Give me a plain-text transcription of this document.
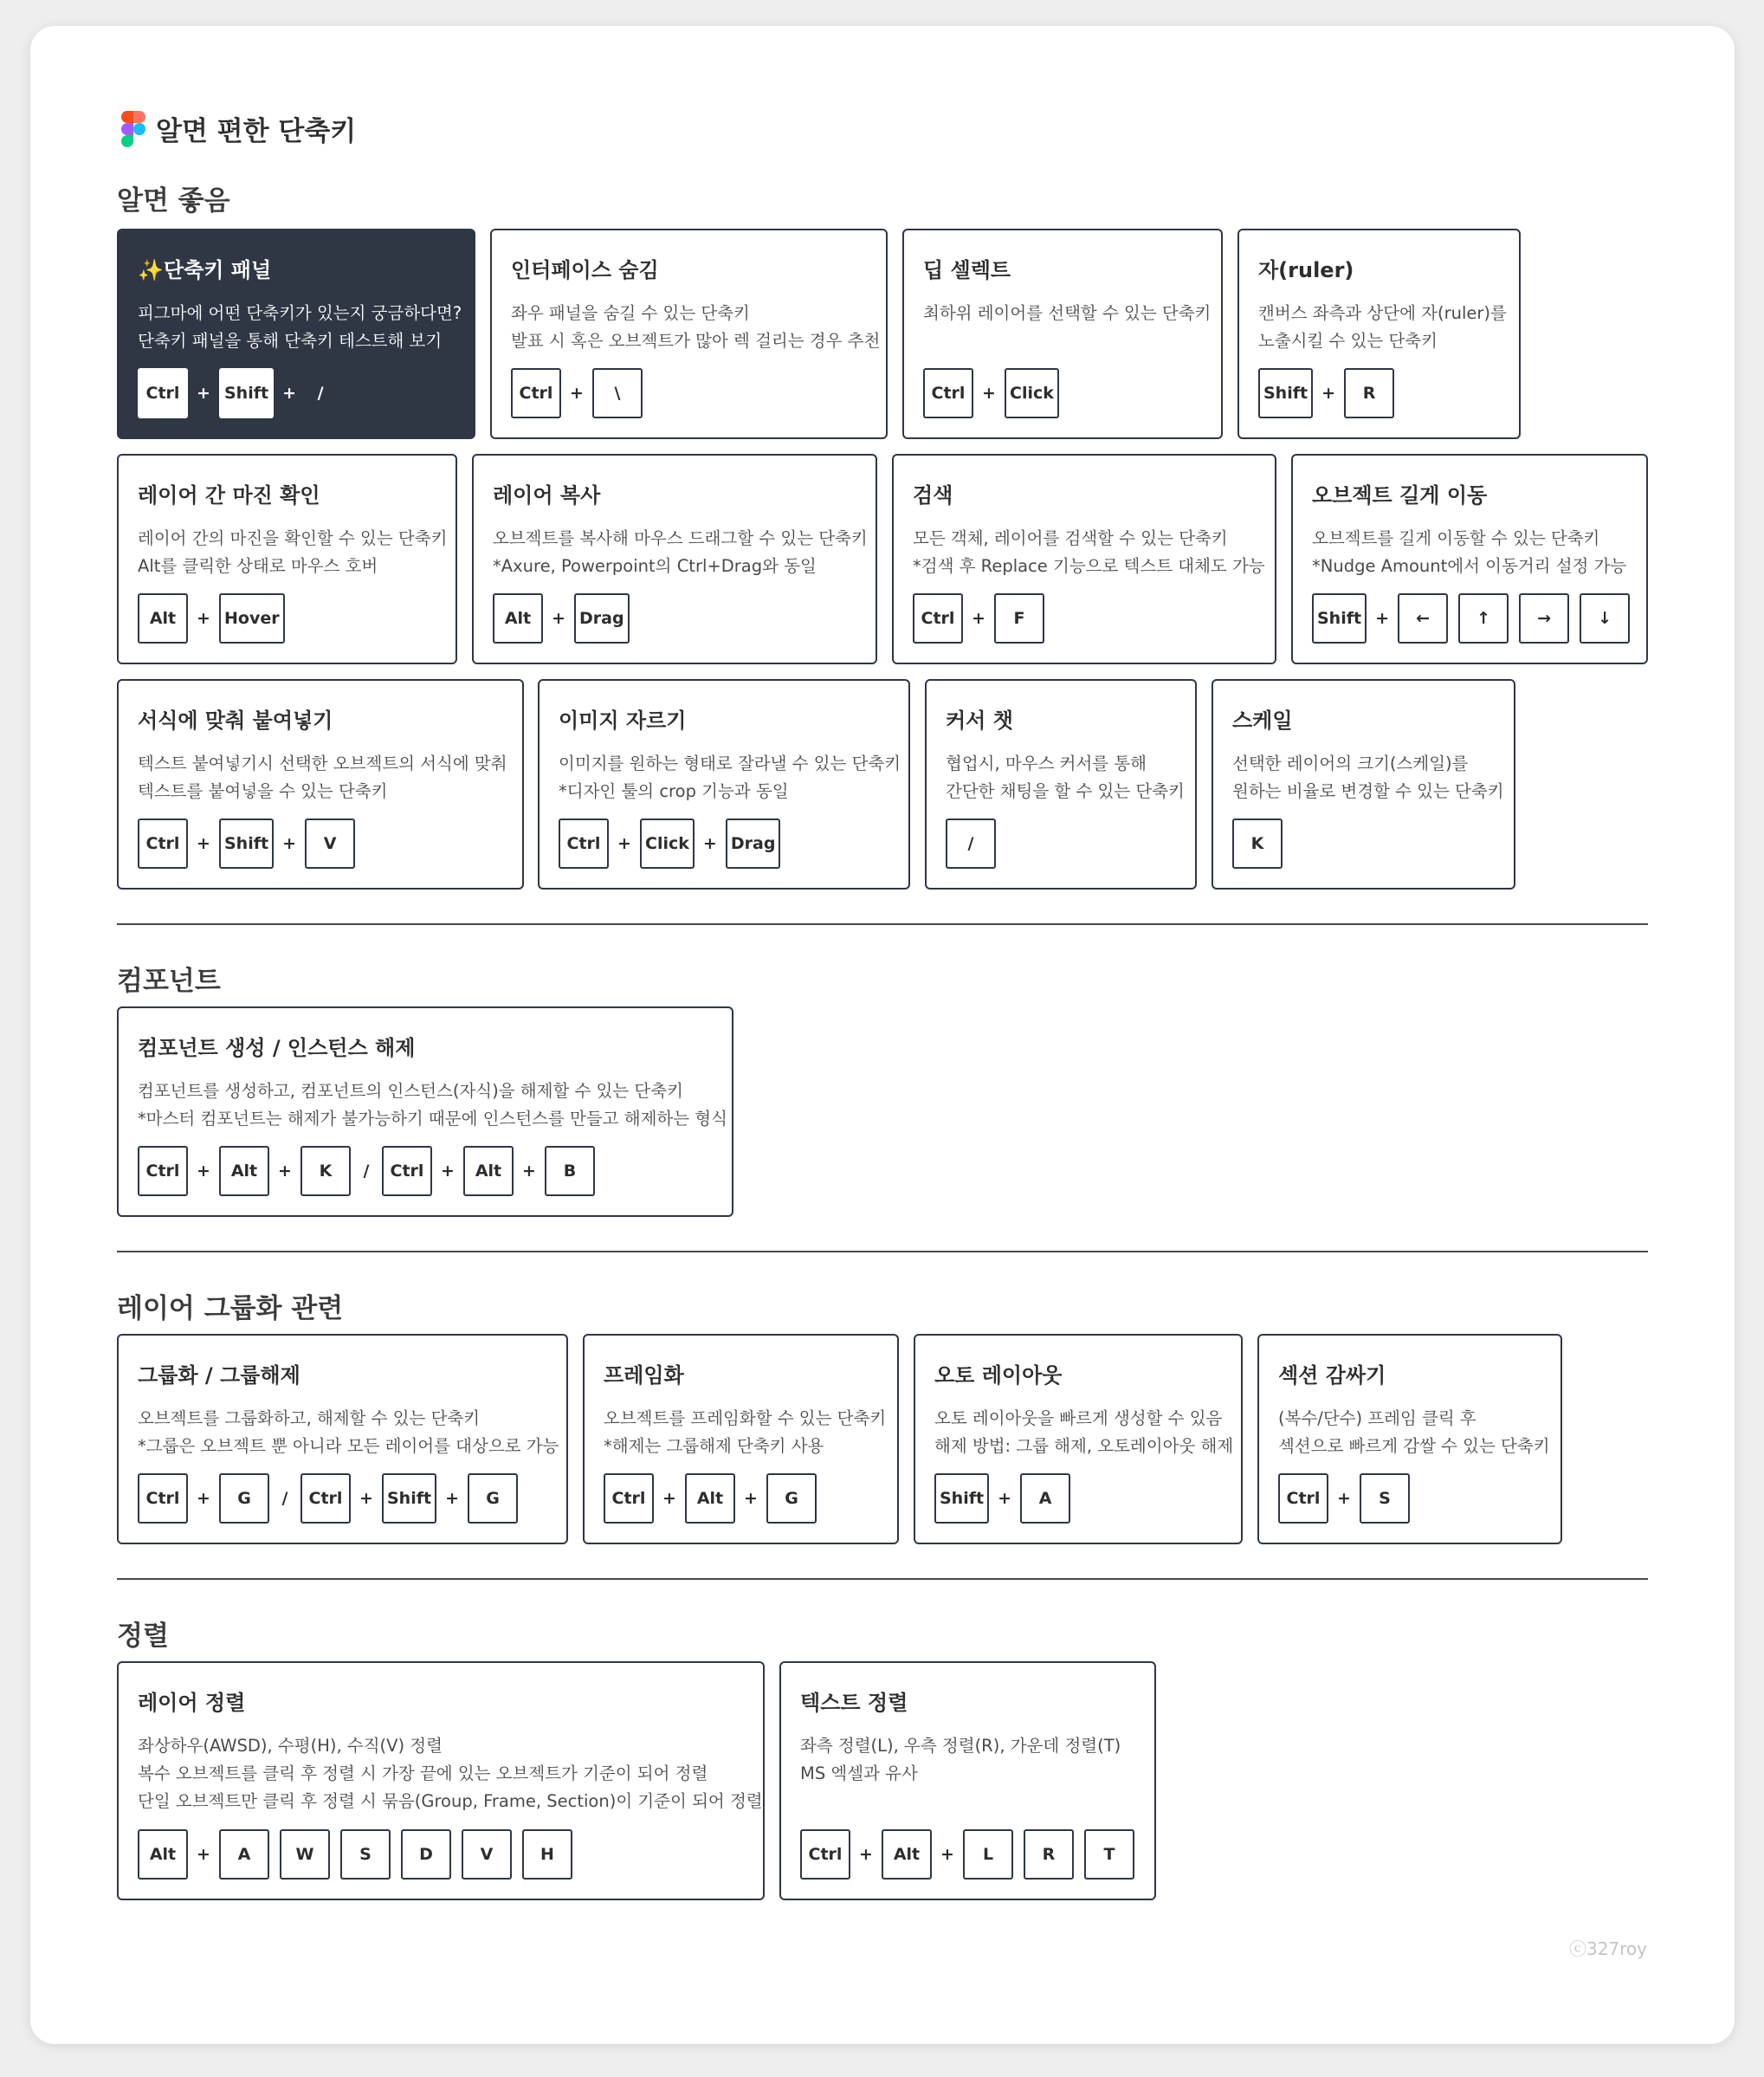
알면 편한 단축키
알면 좋음
컴포넌트
레이어 그룹화 관련
정렬
✨단축키 패널
피그마에 어떤 단축키가 있는지 궁금하다면?
단축키 패널을 통해 단축키 테스트해 보기
Ctrl	+ Shift +	/
인터페이스 숨김
좌우 패널을 숨길 수 있는 단축키
발표 시 혹은 오브젝트가 많아 렉 걸리는 경우 추천
Ctrl	+	\
딥 셀렉트
최하위 레이어를 선택할 수 있는 단축키
Ctrl	+ Click
자(ruler)
캔버스 좌측과 상단에 자(ruler)를
노출시킬 수 있는 단축키
Shift +	R
레이어 간 마진 확인
레이어 간의 마진을 확인할 수 있는 단축키
Alt를 클릭한 상태로 마우스 호버
Alt	+ Hover
레이어 복사
오브젝트를 복사해 마우스 드래그할 수 있는 단축키
*Axure, Powerpoint의 Ctrl+Drag와 동일
Alt	+ Drag
검색
모든 객체, 레이어를 검색할 수 있는 단축키
*검색 후 Replace 기능으로 텍스트 대체도 가능
Ctrl	+	F
오브젝트 길게 이동
오브젝트를 길게 이동할 수 있는 단축키
*Nudge Amount에서 이동거리 설정 가능
Shift +	←	↑	→	↓
서식에 맞춰 붙여넣기
텍스트 붙여넣기시 선택한 오브젝트의 서식에 맞춰
텍스트를 붙여넣을 수 있는 단축키
Ctrl	+ Shift +	V
이미지 자르기
이미지를 원하는 형태로 잘라낼 수 있는 단축키
*디자인 툴의 crop 기능과 동일
Ctrl	+ Click + Drag
커서 챗
협업시, 마우스 커서를 통해
간단한 채팅을 할 수 있는 단축키
/
스케일
선택한 레이어의 크기(스케일)를
원하는 비율로 변경할 수 있는 단축키
K
컴포넌트 생성 / 인스턴스 해제
컴포넌트를 생성하고, 컴포넌트의 인스턴스(자식)을 해제할 수 있는 단축키
*마스터 컴포넌트는 해제가 불가능하기 때문에 인스턴스를 만들고 해제하는 형식
Ctrl	+	Alt	+	K	/	Ctrl	+	Alt	+	B
그룹화 / 그룹해제
오브젝트를 그룹화하고, 해제할 수 있는 단축키
*그룹은 오브젝트 뿐 아니라 모든 레이어를 대상으로 가능
Ctrl	+	G	/	Ctrl	+ Shift +	G
프레임화
오브젝트를 프레임화할 수 있는 단축키
*해제는 그룹해제 단축키 사용
Ctrl	+	Alt	+	G
오토 레이아웃
오토 레이아웃을 빠르게 생성할 수 있음
해제 방법: 그룹 해제, 오토레이아웃 해제
Shift +	A
섹션 감싸기
(복수/단수) 프레임 클릭 후
섹션으로 빠르게 감쌀 수 있는 단축키
Ctrl	+	S
레이어 정렬
좌상하우(AWSD), 수평(H), 수직(V) 정렬
복수 오브젝트를 클릭 후 정렬 시 가장 끝에 있는 오브젝트가 기준이 되어 정렬
단일 오브젝트만 클릭 후 정렬 시 묶음(Group, Frame, Section)이 기준이 되어 정렬
Alt	+	A	W	S	D	V	H
텍스트 정렬
좌측 정렬(L), 우측 정렬(R), 가운데 정렬(T)
MS 엑셀과 유사
Ctrl	+	Alt	+	L	R	T
ⓒ327roy
